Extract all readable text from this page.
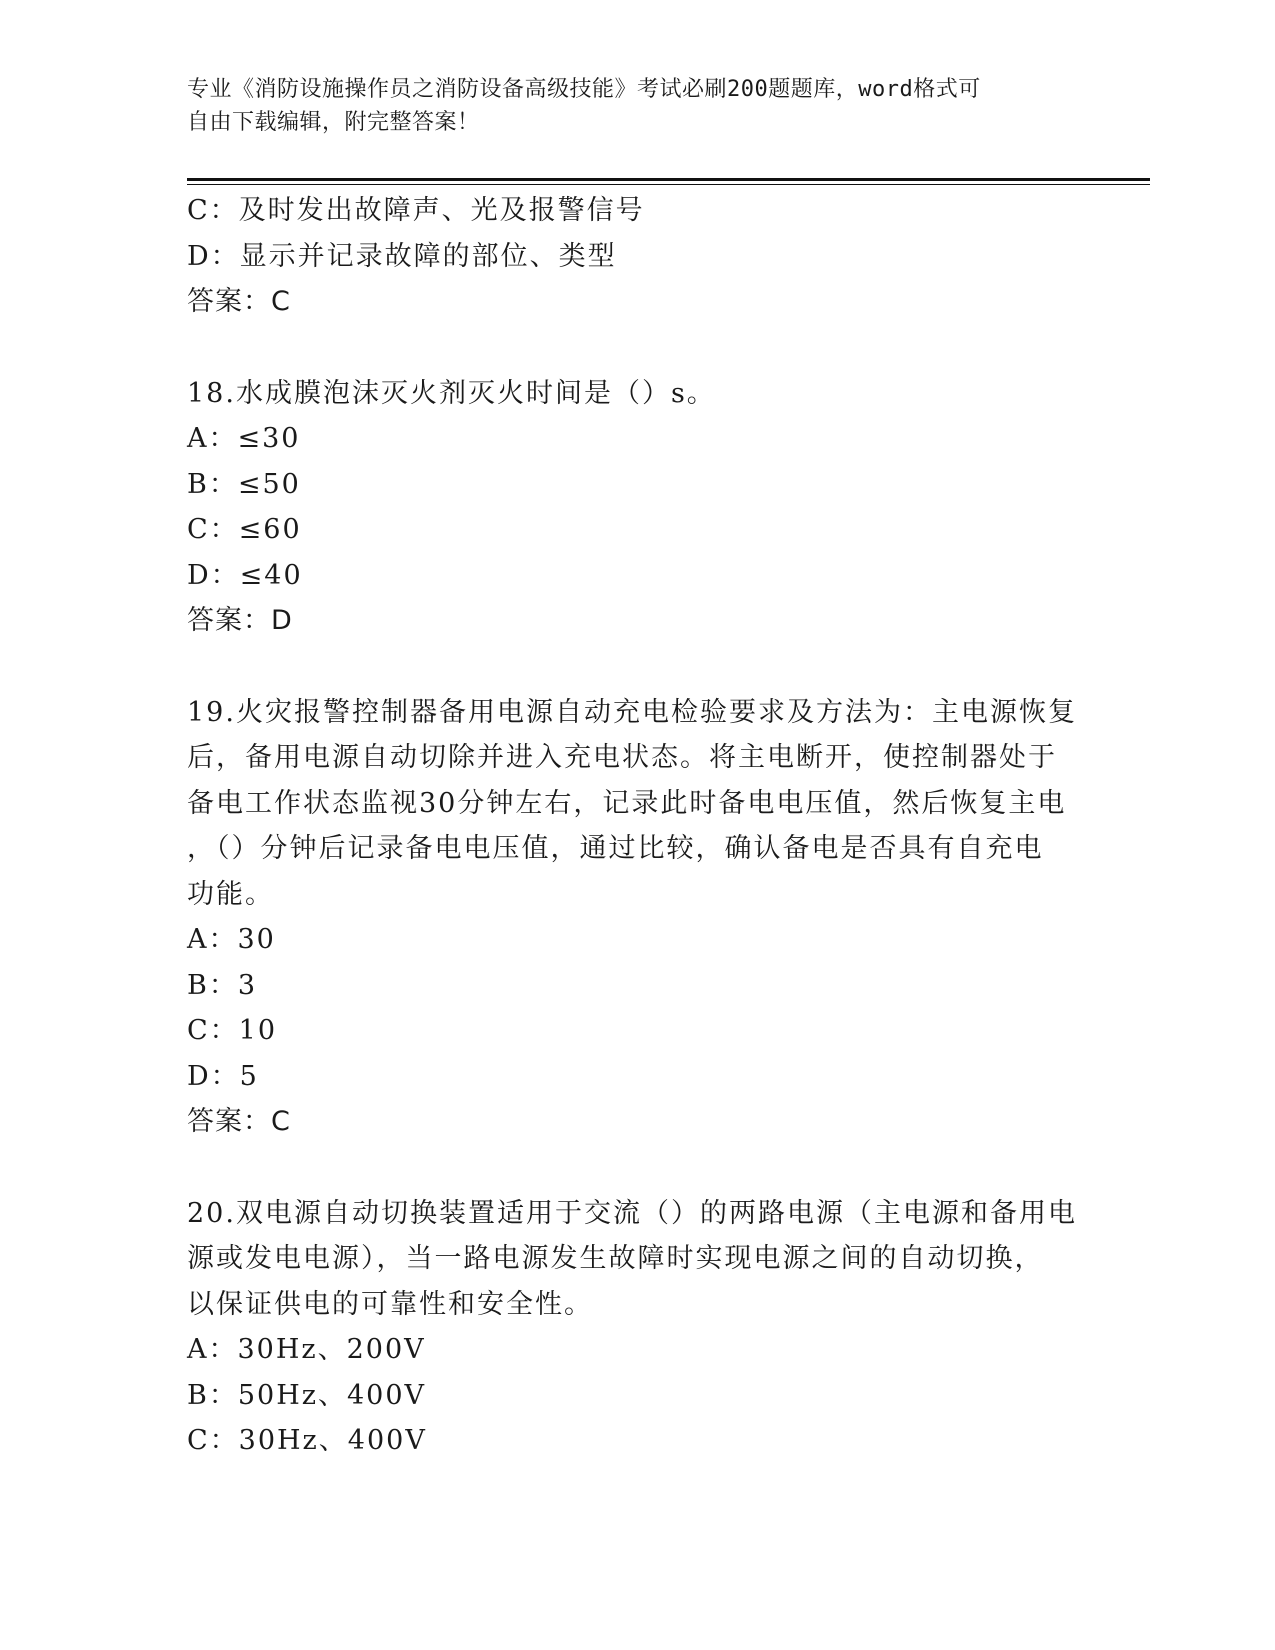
专业《消防设施操作员之消防设备高级技能》考试必刷200题题库，word格式可
自由下载编辑，附完整答案！
C：及时发出故障声、光及报警信号
D：显示并记录故障的部位、类型
答案：C
18.水成膜泡沫灭火剂灭火时间是（）s。
A：≤30
B：≤50
C：≤60
D：≤40
答案：D
19.火灾报警控制器备用电源自动充电检验要求及方法为：主电源恢复
后，备用电源自动切除并进入充电状态。将主电断开，使控制器处于
备电工作状态监视30分钟左右，记录此时备电电压值，然后恢复主电
，（）分钟后记录备电电压值，通过比较，确认备电是否具有自充电
功能。
A：30
B：3
C：10
D：5
答案：C
20.双电源自动切换装置适用于交流（）的两路电源（主电源和备用电
源或发电电源），当一路电源发生故障时实现电源之间的自动切换，
以保证供电的可靠性和安全性。
A：30Hz、200V
B：50Hz、400V
C：30Hz、400V
